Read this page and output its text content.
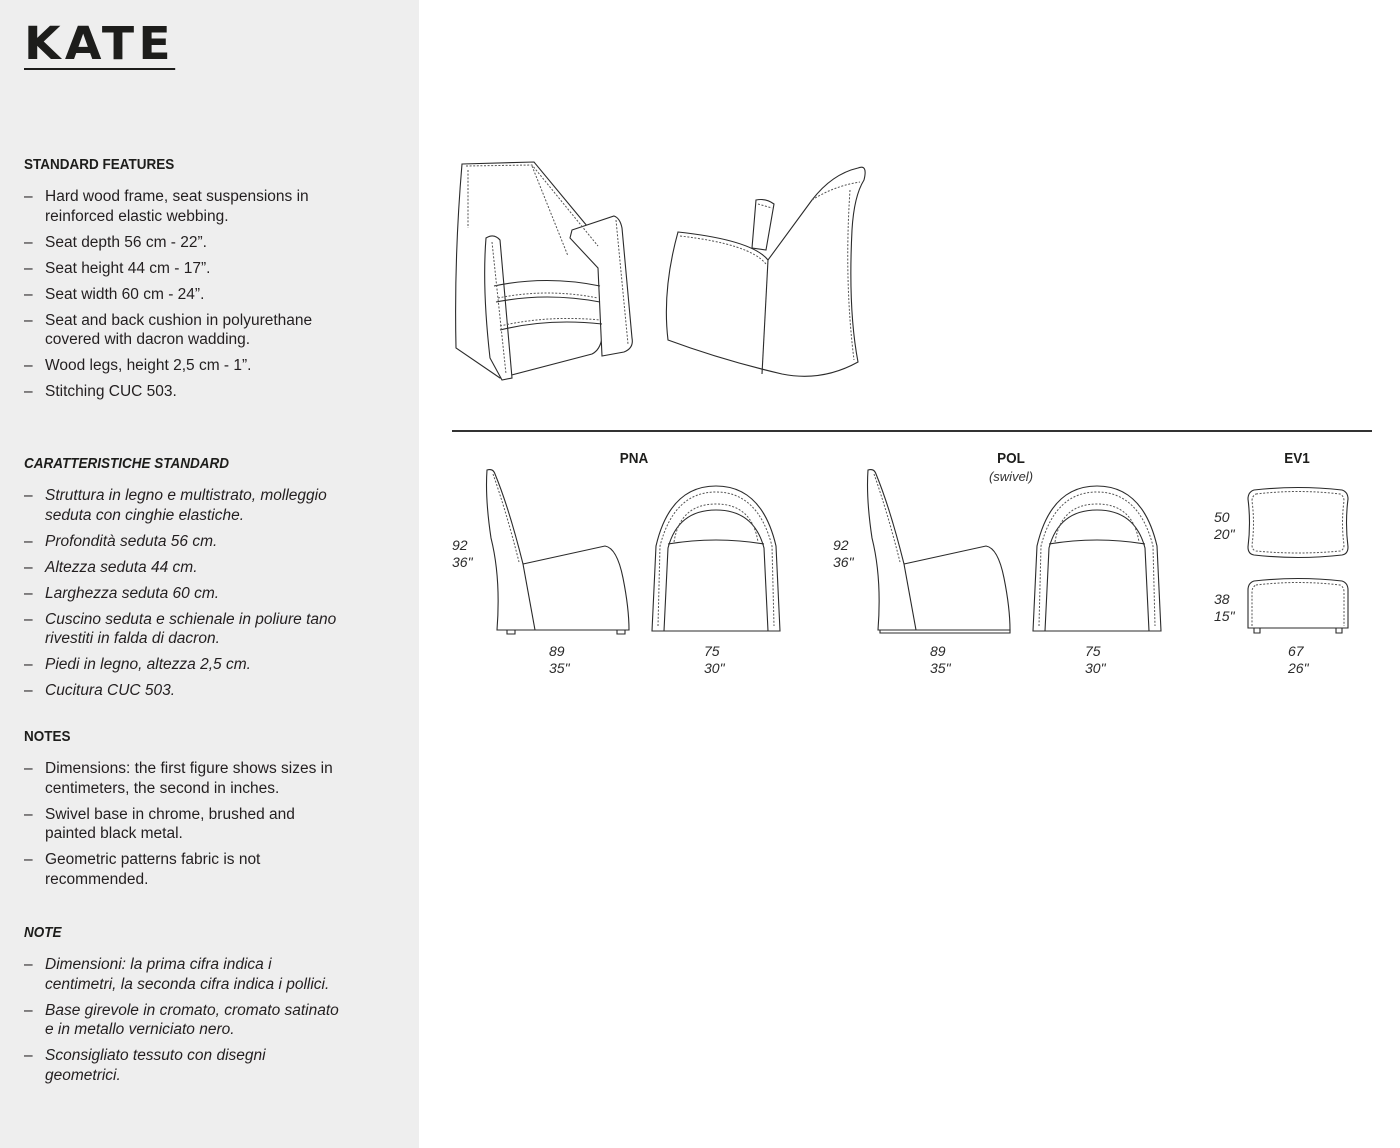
KATE
STANDARD FEATURES
– Hard wood frame, seat suspensions in reinforced elastic webbing.
– Seat depth 56 cm - 22”.
– Seat height 44 cm - 17”.
– Seat width 60 cm - 24”.
– Seat and back cushion in polyurethane covered with dacron wadding.
– Wood legs, height 2,5 cm - 1”.
– Stitching CUC 503.
CARATTERISTICHE STANDARD
– Struttura in legno e multistrato, molleggio seduta con cinghie elastiche.
– Profondità seduta 56 cm.
– Altezza seduta 44 cm.
– Larghezza seduta 60 cm.
– Cuscino seduta e schienale in poliure tano rivestiti in falda di dacron.
– Piedi in legno, altezza 2,5 cm.
– Cucitura CUC 503.
NOTES
– Dimensions: the first figure shows sizes in centimeters, the second in inches.
– Swivel base in chrome, brushed and painted black metal.
– Geometric patterns fabric is not recommended.
NOTE
– Dimensioni: la prima cifra indica i centimetri, la seconda cifra indica i pollici.
– Base girevole in cromato, cromato satinato e in metallo verniciato nero.
– Sconsigliato tessuto con disegni geometrici.
PNA
92
36"
89
35"
75
30"
POL
(swivel)
92
36"
89
35"
75
30"
EV1
50
20"
38
15"
67
26"
